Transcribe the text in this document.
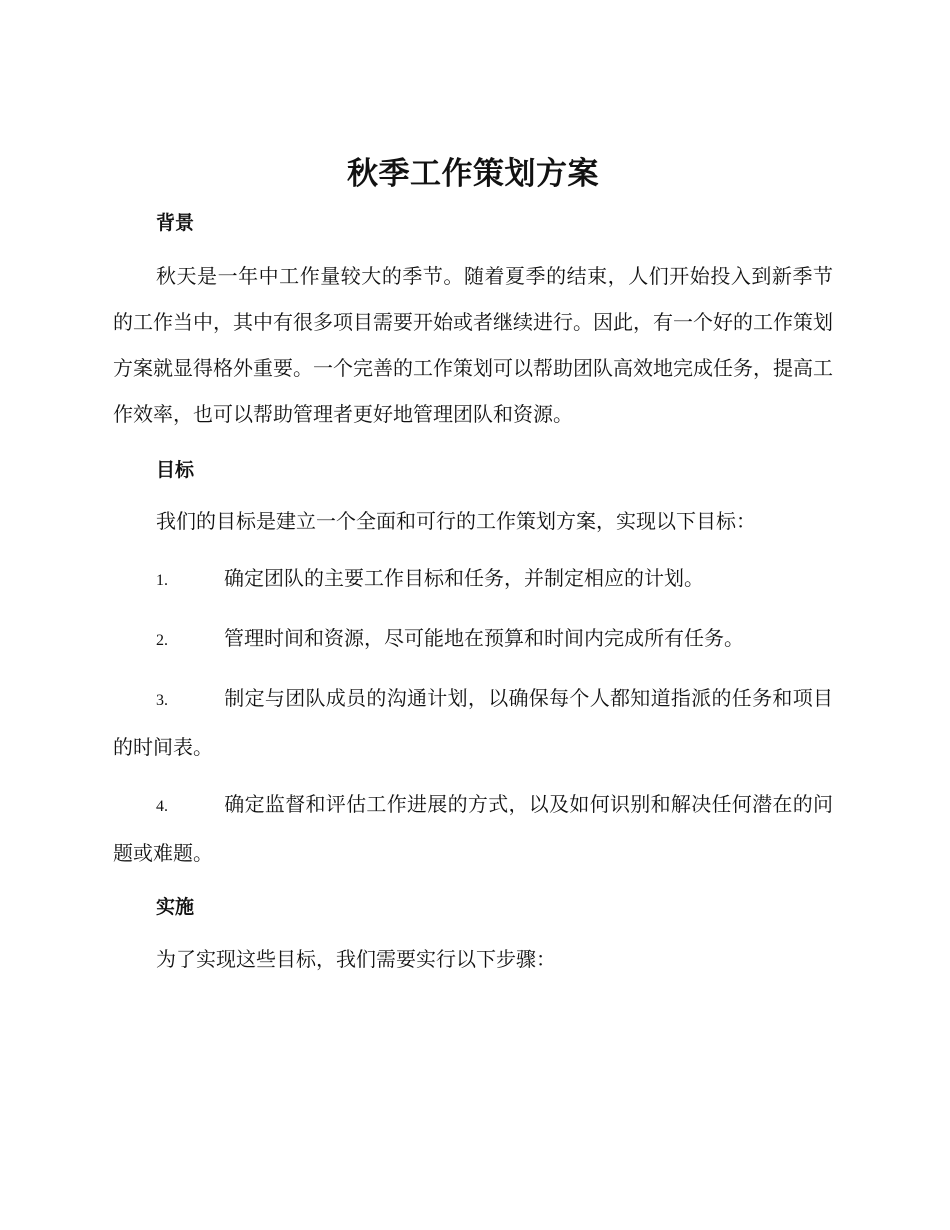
秋季工作策划方案
背景

秋天是一年中工作量较大的季节。随着夏季的结束，人们开始投入到新季节的工作当中，其中有很多项目需要开始或者继续进行。因此，有一个好的工作策划方案就显得格外重要。一个完善的工作策划可以帮助团队高效地完成任务，提高工作效率，也可以帮助管理者更好地管理团队和资源。

目标

我们的目标是建立一个全面和可行的工作策划方案，实现以下目标：

1.	确定团队的主要工作目标和任务，并制定相应的计划。

2.	管理时间和资源，尽可能地在预算和时间内完成所有任务。

3.	制定与团队成员的沟通计划，以确保每个人都知道指派的任务和项目的时间表。

4.	确定监督和评估工作进展的方式，以及如何识别和解决任何潜在的问题或难题。

实施

为了实现这些目标，我们需要实行以下步骤：
